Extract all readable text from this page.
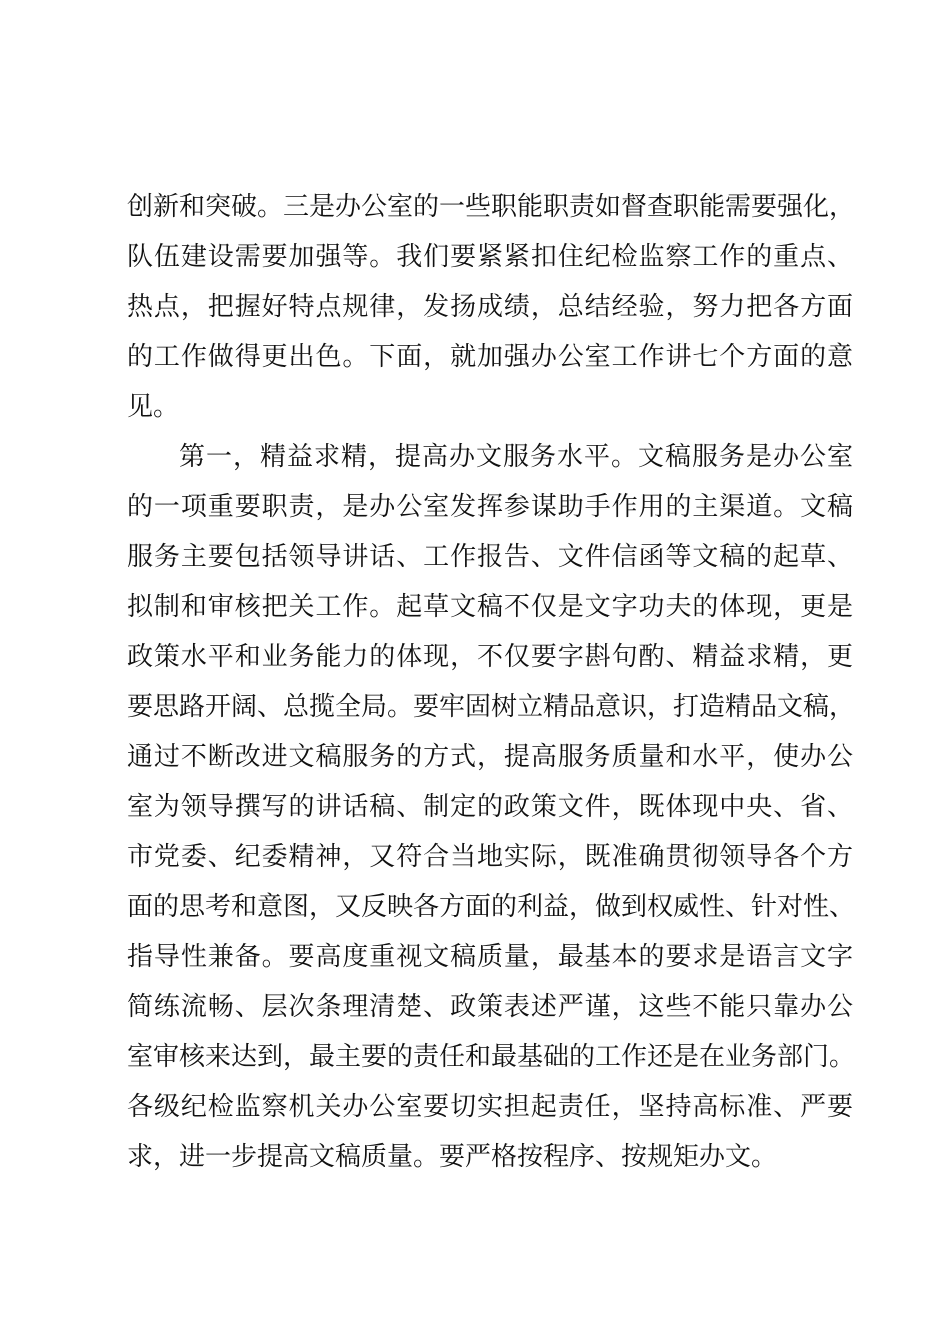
创新和突破。三是办公室的一些职能职责如督查职能需要强化，
队伍建设需要加强等。我们要紧紧扣住纪检监察工作的重点、
热点，把握好特点规律，发扬成绩，总结经验，努力把各方面
的工作做得更出色。下面，就加强办公室工作讲七个方面的意
见。
第一，精益求精，提高办文服务水平。文稿服务是办公室
的一项重要职责，是办公室发挥参谋助手作用的主渠道。文稿
服务主要包括领导讲话、工作报告、文件信函等文稿的起草、
拟制和审核把关工作。起草文稿不仅是文字功夫的体现，更是
政策水平和业务能力的体现，不仅要字斟句酌、精益求精，更
要思路开阔、总揽全局。要牢固树立精品意识，打造精品文稿，
通过不断改进文稿服务的方式，提高服务质量和水平，使办公
室为领导撰写的讲话稿、制定的政策文件，既体现中央、省、
市党委、纪委精神，又符合当地实际，既准确贯彻领导各个方
面的思考和意图，又反映各方面的利益，做到权威性、针对性、
指导性兼备。要高度重视文稿质量，最基本的要求是语言文字
简练流畅、层次条理清楚、政策表述严谨，这些不能只靠办公
室审核来达到，最主要的责任和最基础的工作还是在业务部门。
各级纪检监察机关办公室要切实担起责任，坚持高标准、严要
求，进一步提高文稿质量。要严格按程序、按规矩办文。
